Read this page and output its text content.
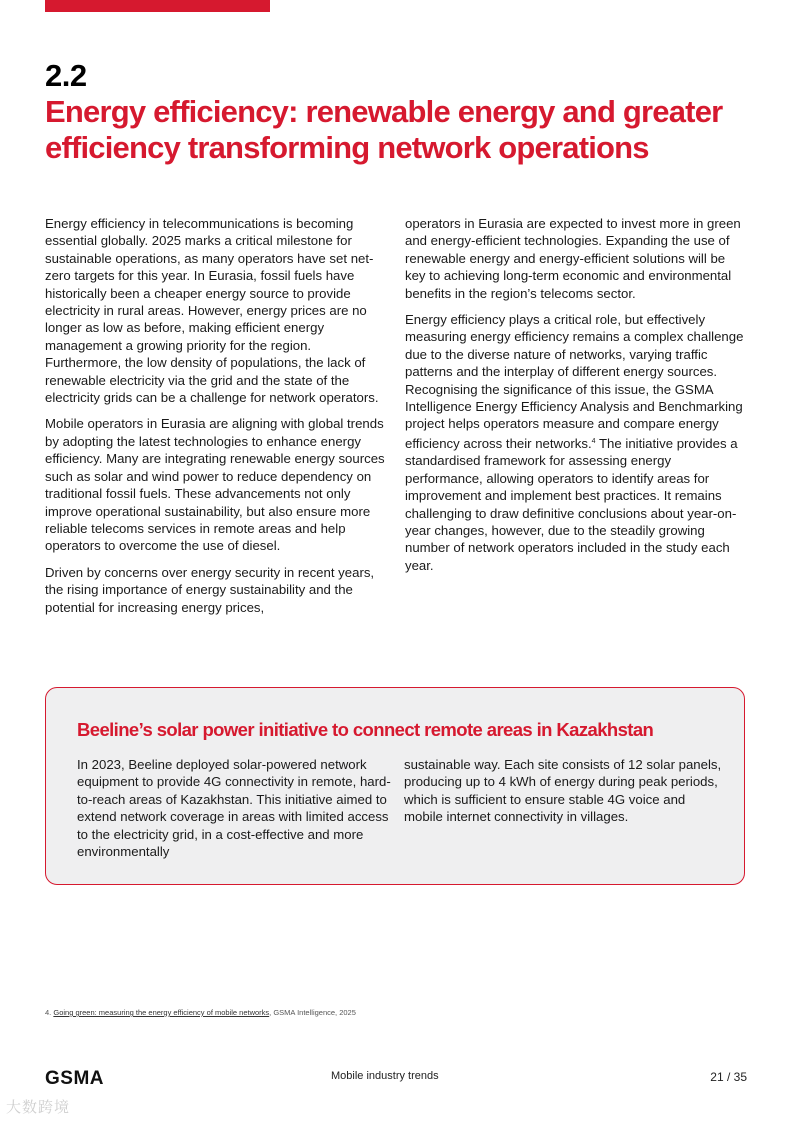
2.2
Energy efficiency: renewable energy and greater efficiency transforming network operations

Energy efficiency in telecommunications is becoming essential globally. 2025 marks a critical milestone for sustainable operations, as many operators have set net-zero targets for this year. In Eurasia, fossil fuels have historically been a cheaper energy source to provide electricity in rural areas. However, energy prices are no longer as low as before, making efficient energy management a growing priority for the region. Furthermore, the low density of populations, the lack of renewable electricity via the grid and the state of the electricity grids can be a challenge for network operators.

Mobile operators in Eurasia are aligning with global trends by adopting the latest technologies to enhance energy efficiency. Many are integrating renewable energy sources such as solar and wind power to reduce dependency on traditional fossil fuels. These advancements not only improve operational sustainability, but also ensure more reliable telecoms services in remote areas and help operators to overcome the use of diesel.

Driven by concerns over energy security in recent years, the rising importance of energy sustainability and the potential for increasing energy prices,

operators in Eurasia are expected to invest more in green and energy-efficient technologies. Expanding the use of renewable energy and energy-efficient solutions will be key to achieving long-term economic and environmental benefits in the region’s telecoms sector.

Energy efficiency plays a critical role, but effectively measuring energy efficiency remains a complex challenge due to the diverse nature of networks, varying traffic patterns and the interplay of different energy sources. Recognising the significance of this issue, the GSMA Intelligence Energy Efficiency Analysis and Benchmarking project helps operators measure and compare energy efficiency across their networks.$^4$ The initiative provides a standardised framework for assessing energy performance, allowing operators to identify areas for improvement and implement best practices. It remains challenging to draw definitive conclusions about year-on-year changes, however, due to the steadily growing number of network operators included in the study each year.

Beeline’s solar power initiative to connect remote areas in Kazakhstan

In 2023, Beeline deployed solar-powered network equipment to provide 4G connectivity in remote, hard-to-reach areas of Kazakhstan. This initiative aimed to extend network coverage in areas with limited access to the electricity grid, in a cost-effective and more environmentally

sustainable way. Each site consists of 12 solar panels, producing up to 4 kWh of energy during peak periods, which is sufficient to ensure stable 4G voice and mobile internet connectivity in villages.

4. Going green: measuring the energy efficiency of mobile networks, GSMA Intelligence, 2025
GSMA	Mobile industry trends	21 / 35
大数跨境
